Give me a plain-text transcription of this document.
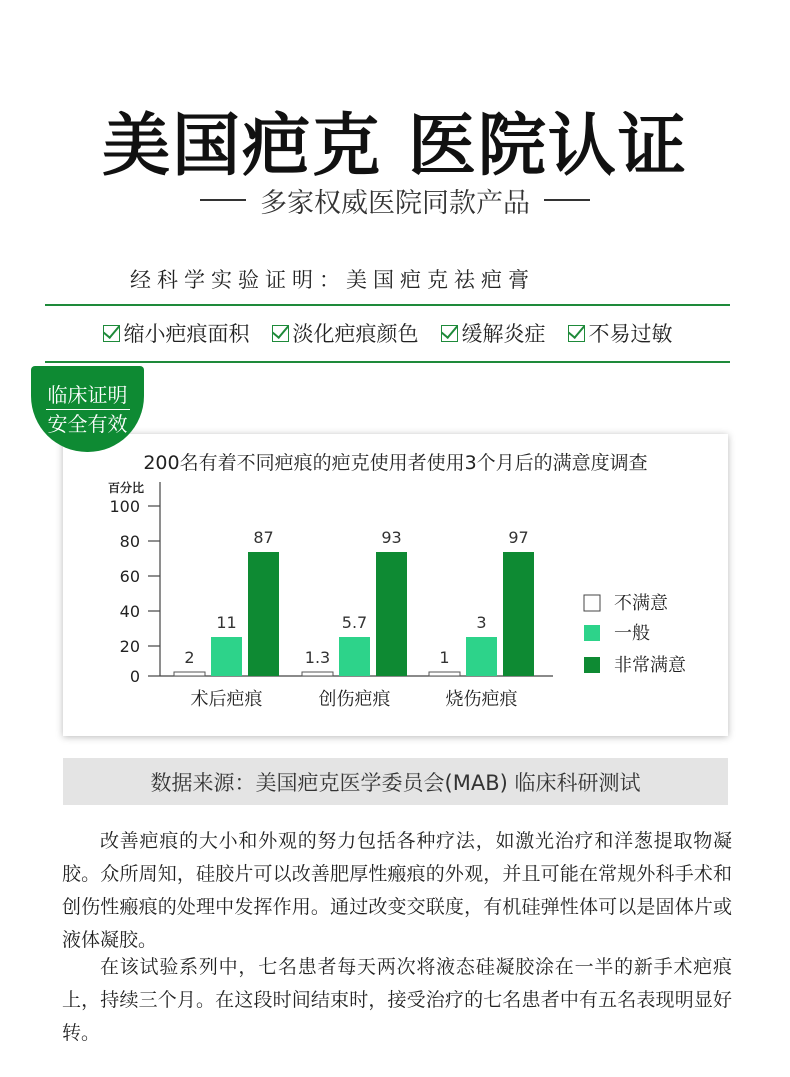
美国疤克 医院认证
多家权威医院同款产品
经科学实验证明：美国疤克祛疤膏
缩小疤痕面积 淡化疤痕颜色 缓解炎症 不易过敏
200名有着不同疤痕的疤克使用者使用3个月后的满意度调查
百分比
0
20
40
60
80
100
2
11
87
术后疤痕
1.3
5.7
93
创伤疤痕
1
3
97
烧伤疤痕
不满意
一般
非常满意
临床证明
安全有效
数据来源：美国疤克医学委员会(MAB) 临床科研测试

改善疤痕的大小和外观的努力包括各种疗法，如激光治疗和洋葱提取物凝胶。众所周知，硅胶片可以改善肥厚性瘢痕的外观，并且可能在常规外科手术和创伤性瘢痕的处理中发挥作用。通过改变交联度，有机硅弹性体可以是固体片或液体凝胶。

在该试验系列中，七名患者每天两次将液态硅凝胶涂在一半的新手术疤痕上，持续三个月。在这段时间结束时，接受治疗的七名患者中有五名表现明显好转。
